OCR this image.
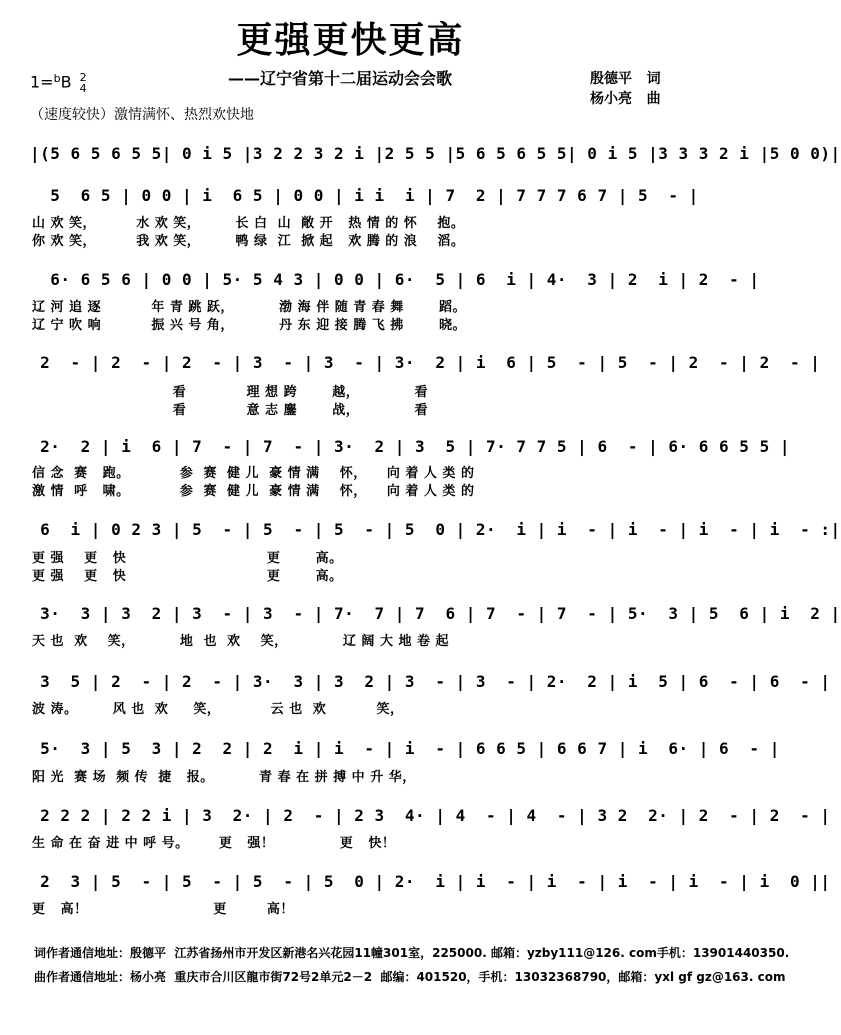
更强更快更高
——辽宁省第十二届运动会会歌
1=$^b$B 2
4
殷德平 词
杨小亮 曲
（速度较快）激情满怀、热烈欢快地
|(5 6 5 6 5 5| 0 i 5 |3 2 2 3 2 i |2 5 5 |5 6 5 6 5 5| 0 i 5 |3 3 3 2 i |5 0 0)|
5  6 5 | 0 0 | i  6 5 | 0 0 | i i  i | 7  2 | 7 7 7 6 7 | 5  - |
山 欢 笑，        水 欢 笑，       长 白  山  敞 开   热 情 的 怀    抱。
你 欢 笑，        我 欢 笑，       鸭 绿  江  掀 起   欢 腾 的 浪    滔。
6· 6 5 6 | 0 0 | 5· 5 4 3 | 0 0 | 6·  5 | 6  i | 4·  3 | 2  i | 2  - |
辽 河 追 逐          年 青 跳 跃，         渤 海 伴 随 青 春 舞       蹈。
辽 宁 吹 响          振 兴 号 角，         丹 东 迎 接 腾 飞 拂       晓。
2  - | 2  - | 2  - | 3  - | 3  - | 3·  2 | i  6 | 5  - | 5  - | 2  - | 2  - |
看            理 想 跨       越，           看
看            意 志 鏖       战，           看
2·  2 | i  6 | 7  - | 7  - | 3·  2 | 3  5 | 7· 7 7 5 | 6  - | 6· 6 6 5 5 |
信 念  赛   跑。          参  赛  健 儿  豪 情 满    怀，    向 着 人 类 的
激 情  呼   啸。          参  赛  健 儿  豪 情 满    怀，    向 着 人 类 的
6  i | 0 2 3 | 5  - | 5  - | 5  - | 5  0 | 2·  i | i  - | i  - | i  - | i  - :|
更 强    更   快                            更       高。
更 强    更   快                            更       高。
3·  3 | 3  2 | 3  - | 3  - | 7·  7 | 7  6 | 7  - | 7  - | 5·  3 | 5  6 | i  2 |
天 也  欢    笑，         地  也  欢    笑，           辽 阔 大 地 卷 起
3  5 | 2  - | 2  - | 3·  3 | 3  2 | 3  - | 3  - | 2·  2 | i  5 | 6  - | 6  - |
波 涛。       风 也  欢     笑，          云 也  欢          笑，
5·  3 | 5  3 | 2  2 | 2  i | i  - | i  - | 6 6 5 | 6 6 7 | i  6· | 6  - |
阳 光  赛 场  频 传  捷   报。         青 春 在 拼 搏 中 升 华，
2 2 2 | 2 2 i | 3  2· | 2  - | 2 3  4· | 4  - | 4  - | 3 2  2· | 2  - | 2  - |
生 命 在 奋 进 中 呼 号。      更   强！             更   快！
2  3 | 5  - | 5  - | 5  - | 5  0 | 2·  i | i  - | i  - | i  - | i  - | i  0 ||
更   高！                         更        高！
词作者通信地址：殷德平  江苏省扬州市开发区新港名兴花园11幢301室，225000. 邮箱：yzby111@126. com手机：13901440350.
曲作者通信地址：杨小亮  重庆市合川区龍市街72号2单元2－2  邮编：401520，手机：13032368790，邮箱：yxl gf gz@163. com
